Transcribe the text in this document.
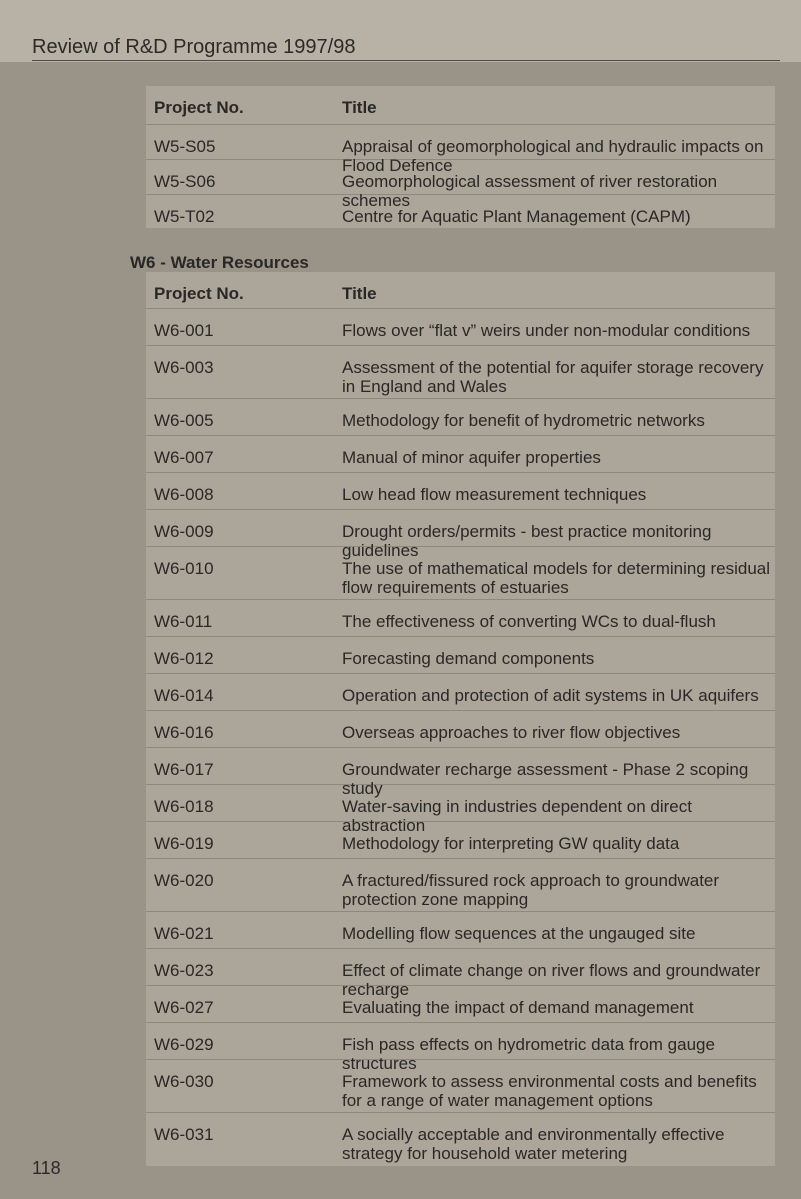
Review of R&D Programme 1997/98
Project No.	Title
W5-S05	Appraisal of geomorphological and hydraulic impacts on Flood Defence
W5-S06	Geomorphological assessment of river restoration schemes
W5-T02	Centre for Aquatic Plant Management (CAPM)
W6 - Water Resources
Project No.	Title
W6-001	Flows over “flat v” weirs under non-modular conditions
W6-003	Assessment of the potential for aquifer storage recovery in England and Wales
W6-005	Methodology for benefit of hydrometric networks
W6-007	Manual of minor aquifer properties
W6-008	Low head flow measurement techniques
W6-009	Drought orders/permits - best practice monitoring guidelines
W6-010	The use of mathematical models for determining residual flow requirements of estuaries
W6-011	The effectiveness of converting WCs to dual-flush
W6-012	Forecasting demand components
W6-014	Operation and protection of adit systems in UK aquifers
W6-016	Overseas approaches to river flow objectives
W6-017	Groundwater recharge assessment - Phase 2 scoping study
W6-018	Water-saving in industries dependent on direct abstraction
W6-019	Methodology for interpreting GW quality data
W6-020	A fractured/fissured rock approach to groundwater protection zone mapping
W6-021	Modelling flow sequences at the ungauged site
W6-023	Effect of climate change on river flows and groundwater recharge
W6-027	Evaluating the impact of demand management
W6-029	Fish pass effects on hydrometric data from gauge structures
W6-030	Framework to assess environmental costs and benefits for a range of water management options
W6-031	A socially acceptable and environmentally effective strategy for household water metering
118
